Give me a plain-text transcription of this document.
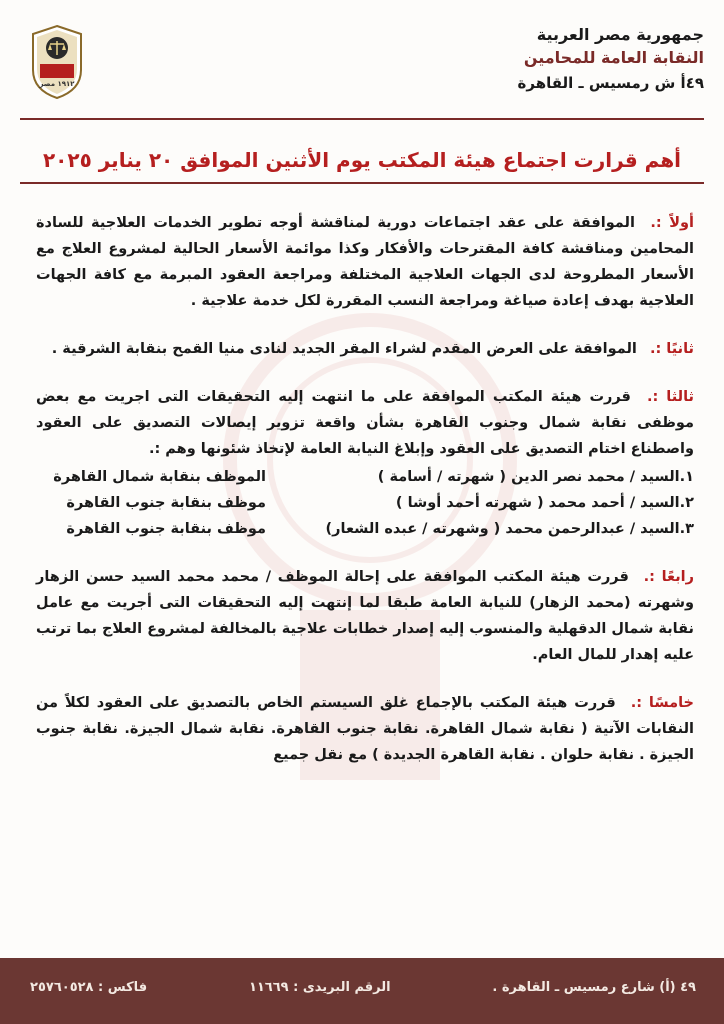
جمهورية مصر العربية
النقابة العامة للمحامين
٤٩أ ش رمسيس ـ القاهرة
١٩١٢ مصر
أهم قرارت اجتماع هيئة المكتب يوم الأثنين الموافق ٢٠ يناير ٢٠٢٥

أولاً :. الموافقة على عقد اجتماعات دورية لمناقشة أوجه تطوير الخدمات العلاجية للسادة المحامين ومناقشة كافة المقترحات والأفكار وكذا موائمة الأسعار الحالية لمشروع العلاج مع الأسعار المطروحة لدى الجهات العلاجية المختلفة ومراجعة العقود المبرمة مع كافة الجهات العلاجية بهدف إعادة صياغة ومراجعة النسب المقررة لكل خدمة علاجية .

ثانيًا :. الموافقة على العرض المقدم لشراء المقر الجديد لنادى منيا القمح بنقابة الشرقية .

ثالثا :. قررت هيئة المكتب الموافقة على ما انتهت إليه التحقيقات التى اجريت مع بعض موظفى نقابة شمال وجنوب القاهرة بشأن واقعة تزوير إيصالات التصديق على العقود واصطناع اختام التصديق على العقود وإبلاغ النيابة العامة لإتخاذ شئونها وهم :.
١.السيد / محمد نصر الدين ( شهرته / أسامة )
الموظف بنقابة شمال القاهرة
٢.السيد / أحمد محمد ( شهرته أحمد أوشا )
موظف بنقابة جنوب القاهرة
٣.السيد / عبدالرحمن محمد ( وشهرته / عبده الشعار)
موظف بنقابة جنوب القاهرة

رابعًا :. قررت هيئة المكتب الموافقة على إحالة الموظف / محمد محمد السيد حسن الزهار وشهرته (محمد الزهار) للنيابة العامة طبقا لما إنتهت إليه التحقيقات التى أجريت مع عامل نقابة شمال الدقهلية والمنسوب إليه إصدار خطابات علاجية بالمخالفة لمشروع العلاج بما ترتب عليه إهدار للمال العام.

خامسًا :. قررت هيئة المكتب بالإجماع غلق السيستم الخاص بالتصديق على العقود لكلاً من النقابات الآتية ( نقابة شمال القاهرة. نقابة جنوب القاهرة. نقابة شمال الجيزة. نقابة جنوب الجيزة . نقابة حلوان . نقابة القاهرة الجديدة ) مع نقل جميع

٤٩ (أ) شارع رمسيس ـ القاهرة .
الرقم البريدى : ١١٦٦٩
فاكس : ٢٥٧٦٠٥٢٨
